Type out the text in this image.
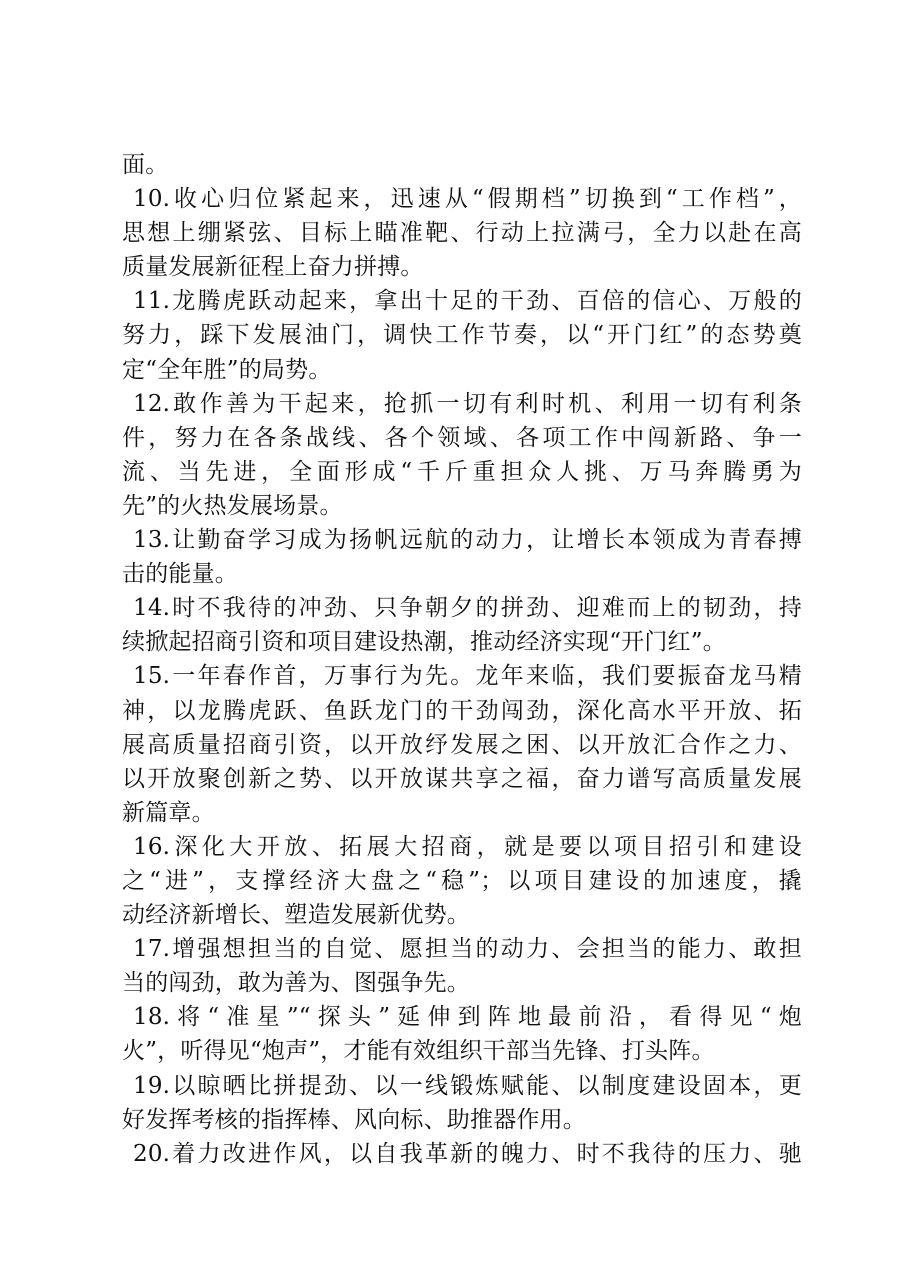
面。
10.收心归位紧起来，迅速从“假期档”切换到“工作档”，
思想上绷紧弦、目标上瞄准靶、行动上拉满弓，全力以赴在高
质量发展新征程上奋力拼搏。
11.龙腾虎跃动起来，拿出十足的干劲、百倍的信心、万般的
努力，踩下发展油门，调快工作节奏，以“开门红”的态势奠
定“全年胜”的局势。
12.敢作善为干起来，抢抓一切有利时机、利用一切有利条
件，努力在各条战线、各个领域、各项工作中闯新路、争一
流、当先进，全面形成“千斤重担众人挑、万马奔腾勇为
先”的火热发展场景。
13.让勤奋学习成为扬帆远航的动力，让增长本领成为青春搏
击的能量。
14.时不我待的冲劲、只争朝夕的拼劲、迎难而上的韧劲，持
续掀起招商引资和项目建设热潮，推动经济实现“开门红”。
15.一年春作首，万事行为先。龙年来临，我们要振奋龙马精
神，以龙腾虎跃、鱼跃龙门的干劲闯劲，深化高水平开放、拓
展高质量招商引资，以开放纾发展之困、以开放汇合作之力、
以开放聚创新之势、以开放谋共享之福，奋力谱写高质量发展
新篇章。
16.深化大开放、拓展大招商，就是要以项目招引和建设
之“进”，支撑经济大盘之“稳”；以项目建设的加速度，撬
动经济新增长、塑造发展新优势。
17.增强想担当的自觉、愿担当的动力、会担当的能力、敢担
当的闯劲，敢为善为、图强争先。
18.将“准星”“探头”延伸到阵地最前沿，看得见“炮
火”，听得见“炮声”，才能有效组织干部当先锋、打头阵。
19.以晾晒比拼提劲、以一线锻炼赋能、以制度建设固本，更
好发挥考核的指挥棒、风向标、助推器作用。
20.着力改进作风，以自我革新的魄力、时不我待的压力、驰
